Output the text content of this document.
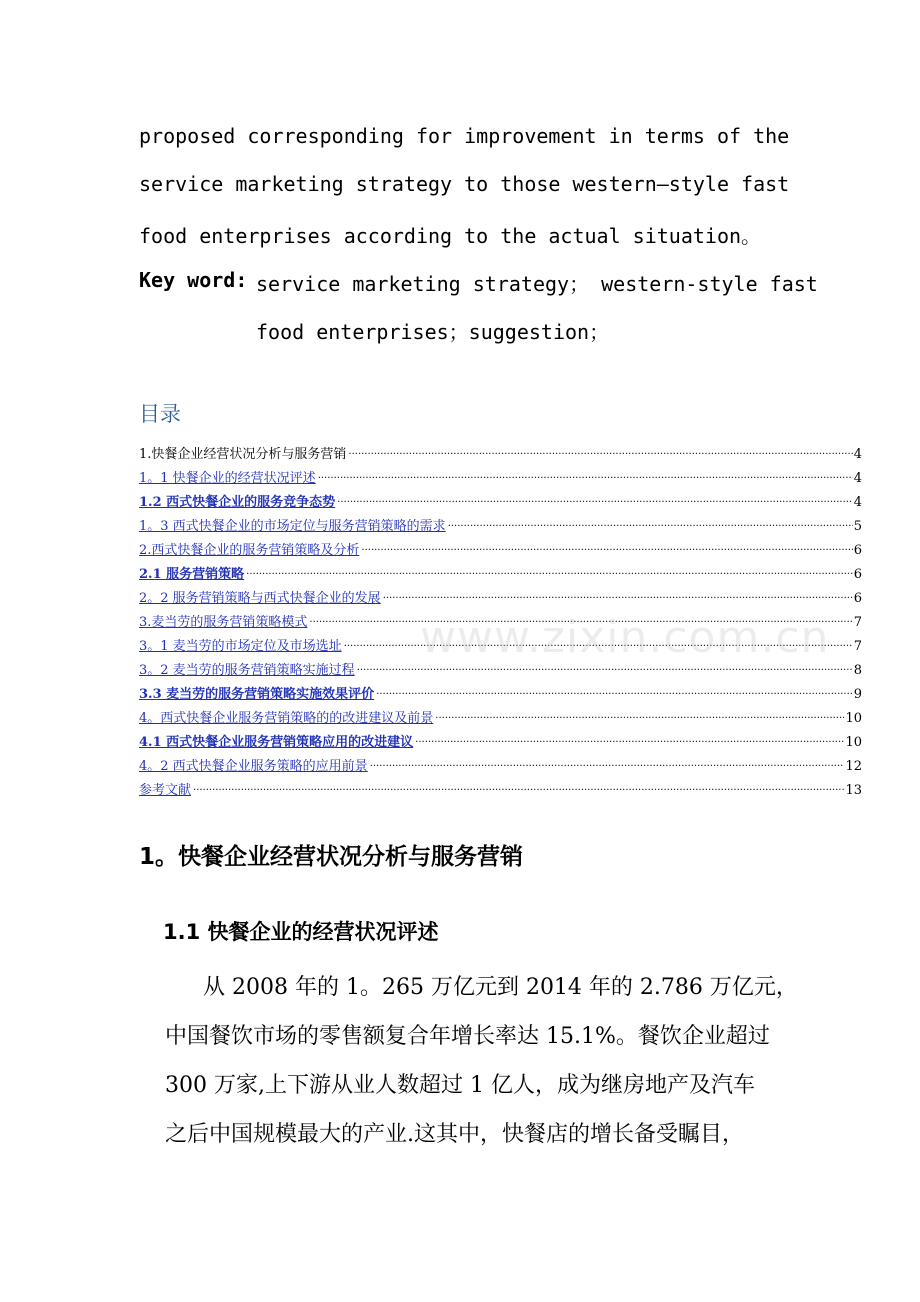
proposed corresponding for improvement in terms of the
service marketing strategy to those western—style fast
food enterprises according to the actual situation。
Key word: service marketing strategy； western-style fast
food enterprises；suggestion；
目录
1.快餐企业经营状况分析与服务营销 .....	4
1。1 快餐企业的经营状况评述 .....	4
1.2 西式快餐企业的服务竞争态势 .....	4
1。3 西式快餐企业的市场定位与服务营销策略的需求 .....	5
2.西式快餐企业的服务营销策略及分析 .....	6
2.1 服务营销策略 .....	6
2。2 服务营销策略与西式快餐企业的发展 .....	6
3.麦当劳的服务营销策略模式 .....	7
3。1 麦当劳的市场定位及市场选址 .....	7
3。2 麦当劳的服务营销策略实施过程 .....	8
3.3 麦当劳的服务营销策略实施效果评价 .....	9
4。西式快餐企业服务营销策略的的改进建议及前景 .....	10
4.1 西式快餐企业服务营销策略应用的改进建议 .....	10
4。2 西式快餐企业服务策略的应用前景 .....	12
参考文献 .....	13
www.zixin.com.cn
1。快餐企业经营状况分析与服务营销
1.1 快餐企业的经营状况评述
从 2008 年的 1。265 万亿元到 2014 年的 2.786 万亿元，
中国餐饮市场的零售额复合年增长率达 15.1%。餐饮企业超过
300 万家,上下游从业人数超过 1 亿人，成为继房地产及汽车
之后中国规模最大的产业.这其中，快餐店的增长备受瞩目，
